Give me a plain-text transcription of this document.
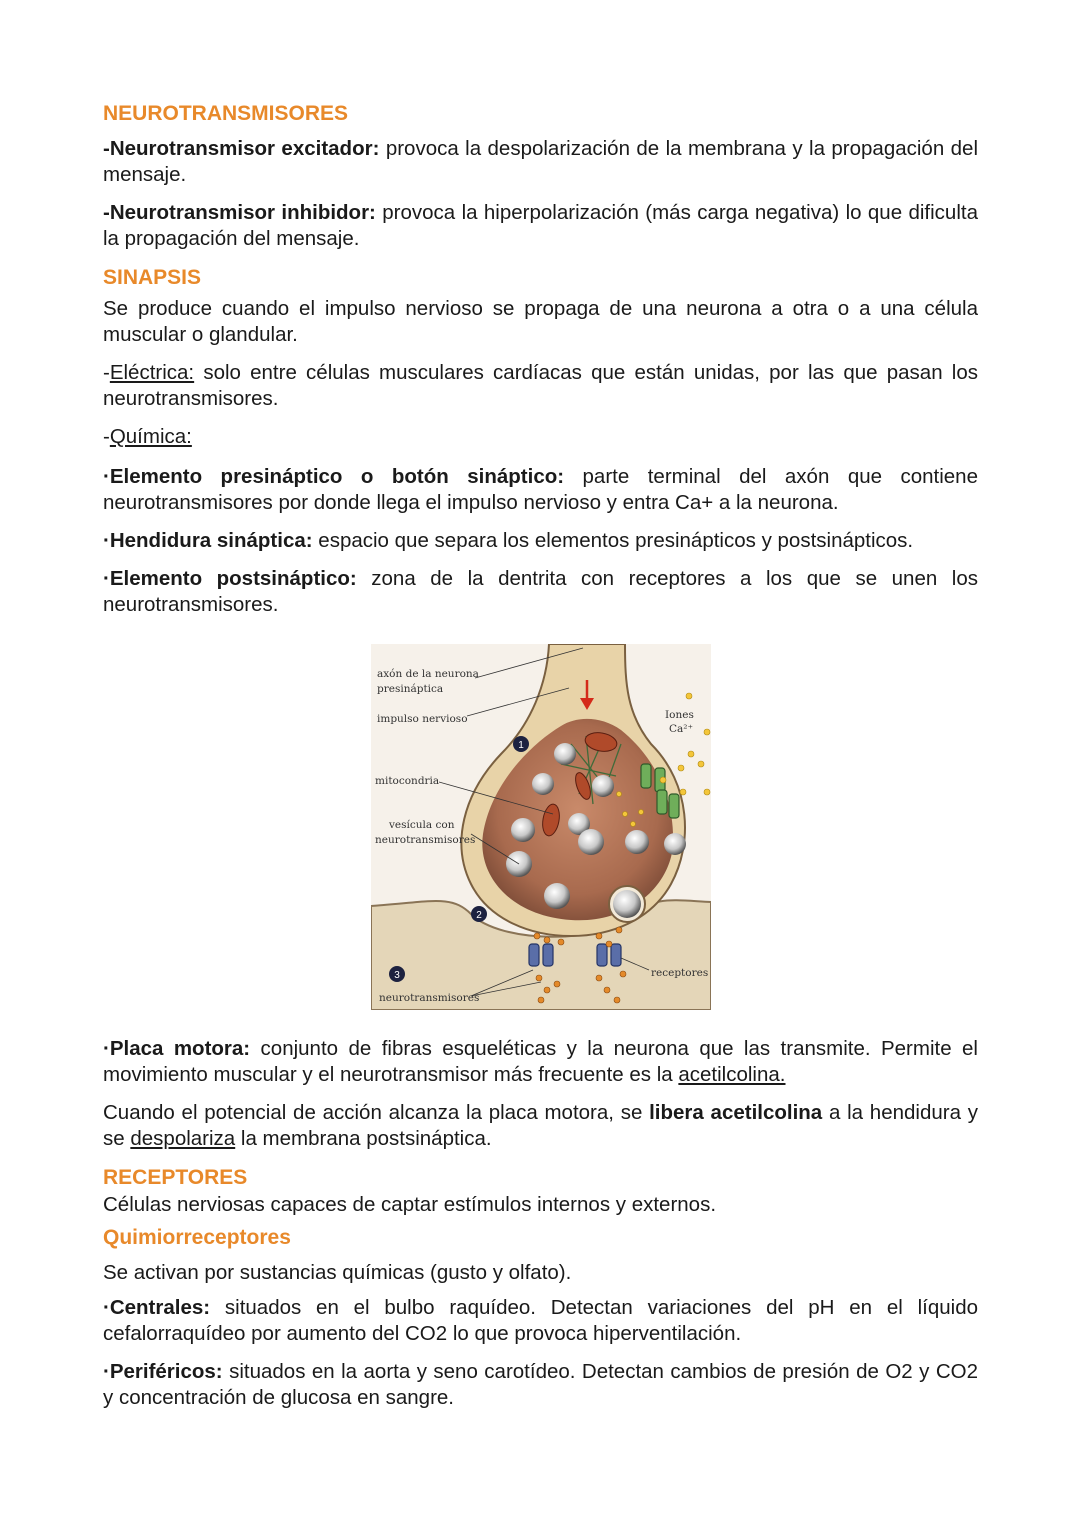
NEUROTRANSMISORES

-Neurotransmisor excitador: provoca la despolarización de la membrana y la propagación del mensaje.

-Neurotransmisor inhibidor: provoca la hiperpolarización (más carga negativa) lo que dificulta la propagación del mensaje.

SINAPSIS

Se produce cuando el impulso nervioso se propaga de una neurona a otra o a una célula muscular o glandular.

-Eléctrica: solo entre células musculares cardíacas que están unidas, por las que pasan los neurotransmisores.

-Química:

·Elemento presináptico o botón sináptico: parte terminal del axón que contiene neurotransmisores por donde llega el impulso nervioso y entra Ca+ a la neurona.

·Hendidura sináptica: espacio que separa los elementos presinápticos y postsinápticos.

·Elemento postsináptico: zona de la dentrita con receptores a los que se unen los neurotransmisores.

1
2
3
axón de la neurona
presináptica
impulso nervioso
mitocondria
vesícula con
neurotransmisores
Iones
Ca²⁺
receptores
neurotransmisores

·Placa motora: conjunto de fibras esqueléticas y la neurona que las transmite. Permite el movimiento muscular y el neurotransmisor más frecuente es la acetilcolina.

Cuando el potencial de acción alcanza la placa motora, se libera acetilcolina a la hendidura y se despolariza la membrana postsináptica.

RECEPTORES

Células nerviosas capaces de captar estímulos internos y externos.

Quimiorreceptores

Se activan por sustancias químicas (gusto y olfato).

·Centrales: situados en el bulbo raquídeo. Detectan variaciones del pH en el líquido cefalorraquídeo por aumento del CO2 lo que provoca hiperventilación.

·Periféricos: situados en la aorta y seno carotídeo. Detectan cambios de presión de O2 y CO2 y concentración de glucosa en sangre.
